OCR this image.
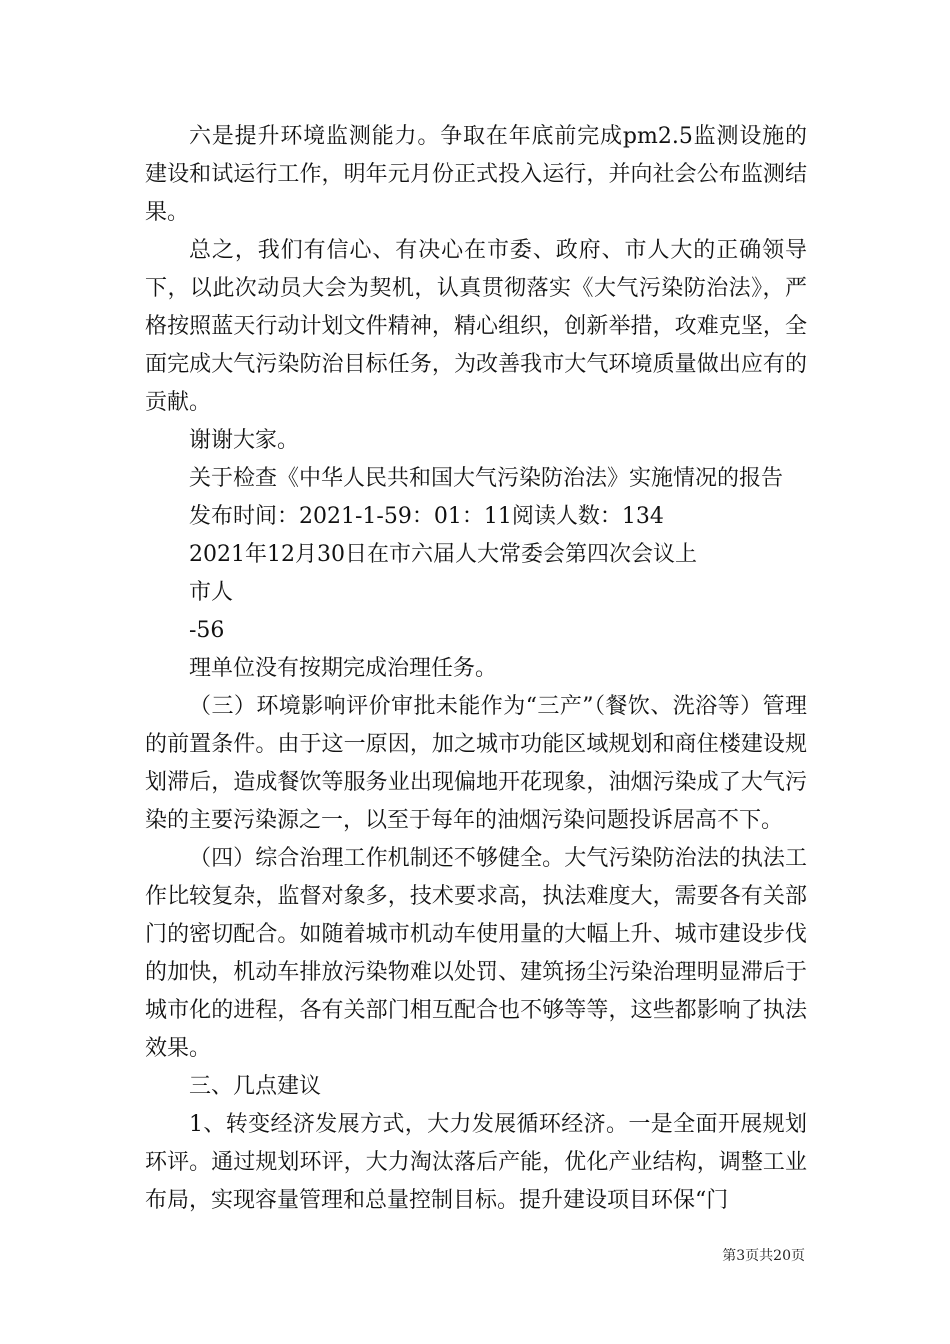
六是提升环境监测能力。争取在年底前完成pm2.5监测设施的建设和试运行工作，明年元月份正式投入运行，并向社会公布监测结果。

总之，我们有信心、有决心在市委、政府、市人大的正确领导下，以此次动员大会为契机，认真贯彻落实《大气污染防治法》，严格按照蓝天行动计划文件精神，精心组织，创新举措，攻难克坚，全面完成大气污染防治目标任务，为改善我市大气环境质量做出应有的贡献。

谢谢大家。

关于检查《中华人民共和国大气污染防治法》实施情况的报告

发布时间：2021-1-59：01：11阅读人数：134

2021年12月30日在市六届人大常委会第四次会议上

市人

-56

理单位没有按期完成治理任务。

（三）环境影响评价审批未能作为“三产”（餐饮、洗浴等）管理的前置条件。由于这一原因，加之城市功能区域规划和商住楼建设规划滞后，造成餐饮等服务业出现偏地开花现象，油烟污染成了大气污染的主要污染源之一，以至于每年的油烟污染问题投诉居高不下。

（四）综合治理工作机制还不够健全。大气污染防治法的执法工作比较复杂，监督对象多，技术要求高，执法难度大，需要各有关部门的密切配合。如随着城市机动车使用量的大幅上升、城市建设步伐的加快，机动车排放污染物难以处罚、建筑扬尘污染治理明显滞后于城市化的进程，各有关部门相互配合也不够等等，这些都影响了执法效果。

三、几点建议

1、转变经济发展方式，大力发展循环经济。一是全面开展规划环评。通过规划环评，大力淘汰落后产能，优化产业结构，调整工业布局，实现容量管理和总量控制目标。提升建设项目环保“门

第3页共20页
